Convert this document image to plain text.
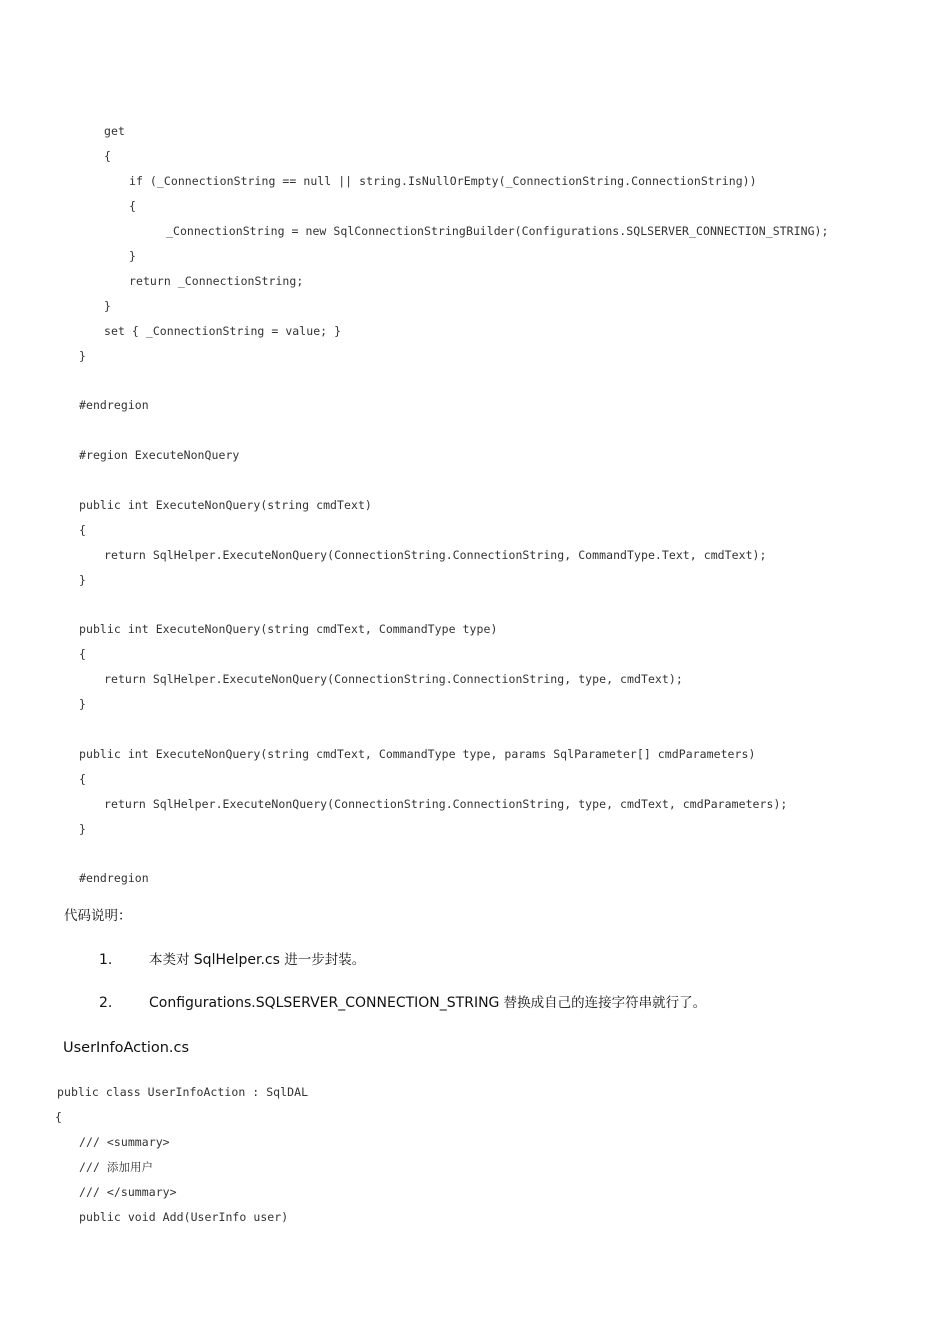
get
{
if (_ConnectionString == null || string.IsNullOrEmpty(_ConnectionString.ConnectionString))
{
_ConnectionString = new SqlConnectionStringBuilder(Configurations.SQLSERVER_CONNECTION_STRING);
}
return _ConnectionString;
}
set { _ConnectionString = value; }
}
#endregion
#region ExecuteNonQuery
public int ExecuteNonQuery(string cmdText)
{
return SqlHelper.ExecuteNonQuery(ConnectionString.ConnectionString, CommandType.Text, cmdText);
}
public int ExecuteNonQuery(string cmdText, CommandType type)
{
return SqlHelper.ExecuteNonQuery(ConnectionString.ConnectionString, type, cmdText);
}
public int ExecuteNonQuery(string cmdText, CommandType type, params SqlParameter[] cmdParameters)
{
return SqlHelper.ExecuteNonQuery(ConnectionString.ConnectionString, type, cmdText, cmdParameters);
}
#endregion
代码说明：
1.	本类对 SqlHelper.cs 进一步封装。
2.	Configurations.SQLSERVER_CONNECTION_STRING 替换成自己的连接字符串就行了。
UserInfoAction.cs
public class UserInfoAction : SqlDAL
{
/// <summary>
/// 添加用户
/// </summary>
public void Add(UserInfo user)
